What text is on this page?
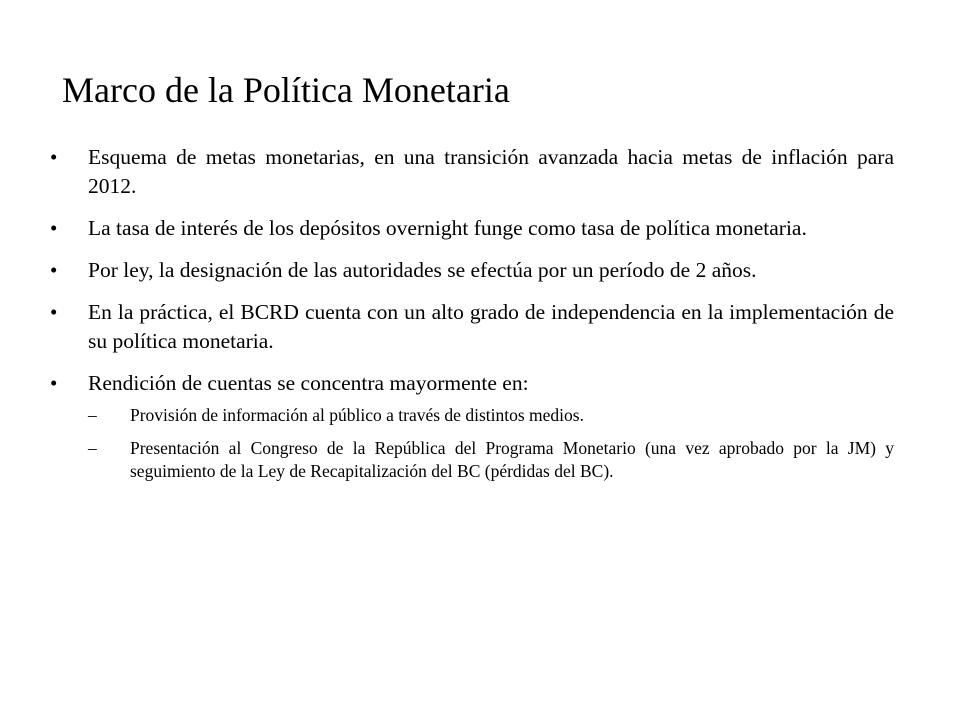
Marco de la Política Monetaria
• Esquema de metas monetarias, en una transición avanzada hacia metas de inflación para 2012.
• La tasa de interés de los depósitos overnight funge como tasa de política monetaria.
• Por ley, la designación de las autoridades se efectúa por un período de 2 años.
• En la práctica, el BCRD cuenta con un alto grado de independencia en la implementación de su política monetaria.
• Rendición de cuentas se concentra mayormente en:
– Provisión de información al público a través de distintos medios.
– Presentación al Congreso de la República del Programa Monetario (una vez aprobado por la JM) y seguimiento de la Ley de Recapitalización del BC (pérdidas del BC).
